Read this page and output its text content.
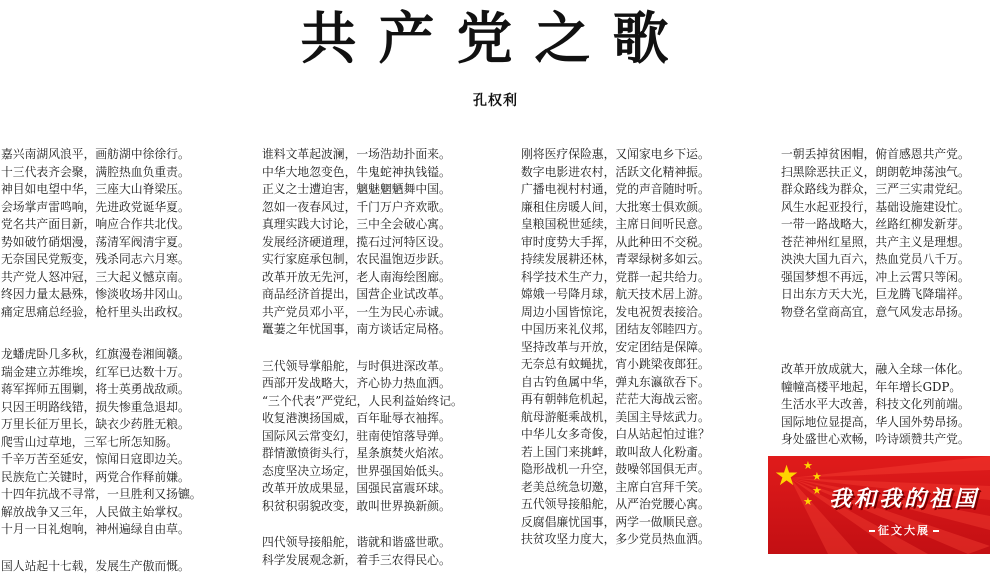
共产党之歌
孔权利
嘉兴南湖风浪平，画舫湖中徐徐行。
十三代表齐会聚，满腔热血负重责。
神目如电望中华，三座大山脊梁压。
会场掌声雷鸣响，先进政党诞华夏。
党名共产面目新，响应合作共北伐。
势如破竹硝烟漫，荡清军阀清宇夏。
无奈国民党叛变，残杀同志六月寒。
共产党人怒冲冠，三大起义憾京南。
终因力量太悬殊，惨淡收场井冈山。
痛定思痛总经验，枪杆里头出政权。
龙蟠虎卧几多秋，红旗漫卷湘闽赣。
瑞金建立苏维埃，红军已达数十万。
蒋军挥师五围剿，将士英勇战敌顽。
只因王明路线错，损失惨重急退却。
万里长征万里长，缺衣少药胜无粮。
爬雪山过草地，三军七所怎知肠。
千辛万苦至延安，惊闻日寇即边关。
民族危亡关键时，两党合作释前嫌。
十四年抗战不寻常，一旦胜利又扬镳。
解放战争又三年，人民做主始掌权。
十月一日礼炮响，神州遍绿自由草。
国人站起十七载，发展生产傲而慨。
谁料文革起波澜，一场浩劫扑面来。
中华大地忽变色，牛鬼蛇神执钱镒。
正义之士遭迫害，魑魅魍魉舞中国。
忽如一夜春风过，千门万户齐欢歌。
真理实践大讨论，三中全会破心寓。
发展经济硬道理，揽石过河特区设。
实行家庭承包制，农民温饱迈步跃。
改革开放无先河，老人南海绘图廊。
商品经济首提出，国营企业试改革。
共产党员邓小平，一生为民心赤诚。
鼍萋之年忧国事，南方谈话定局格。
三代领导掌船舵，与时俱进深改革。
西部开发战略大，齐心协力热血洒。
“三个代表”严党纪，人民利益始终记。
收复港澳扬国威，百年耻辱衣袖挥。
国际风云常变幻，驻南使馆落导弹。
群情激愤街头行，星条旗焚火焰浓。
态度坚决立场定，世界强国始低头。
改革开放成果显，国强民富震环球。
积贫积弱貌改变，敢叫世界换新颜。
四代领导接船舵，谐就和谐盛世歌。
科学发展观念新，着手三农得民心。
刚将医疗保险惠，又闻家电乡下运。
数字电影进农村，活跃文化精神振。
广播电视村村通，党的声音随时听。
廉租住房暖人间，大批寒士俱欢颜。
皇粮国税世延续，主席日间听民意。
审时度势大手挥，从此种田不交税。
持续发展耕还林，青翠绿树多如云。
科学技术生产力，党群一起共给力。
嫦娥一号降月球，航天技术居上游。
周边小国皆惊诧，发电祝贺表接洽。
中国历来礼仪邦，团结友邻睦四方。
坚持改革与开放，安定团结是保障。
无奈总有蚊蝇扰，宵小跳梁夜郎狂。
自古钓鱼属中华，弹丸东瀛欲吞下。
再有朝韩危机起，茫茫大海战云密。
航母游艇乘战机，美国主导炫武力。
中华儿女多奇俊，白从站起怕过谁？
若上国门来挑衅，敢叫敌人化粉齑。
隐形战机一升空，鼓噪邻国俱无声。
老美总统急切邀，主席白宫拜千笑。
五代领导接船舵，从严治党腰心寓。
反腐倡廉忧国事，两学一做顺民意。
扶贫攻坚力度大，多少党员热血洒。
一朝丢掉贫困帽，俯首感恩共产党。
扫黑除恶扶正义，朗朗乾坤荡浊气。
群众路线为群众，三严三实肃党纪。
风生水起亚投行，基础设施建设忙。
一带一路战略大，丝路红柳发新芽。
苍茫神州红星照，共产主义是理想。
泱泱大国九百六，热血党员八千万。
强国梦想不再远，冲上云霄只等闲。
日出东方天大光，巨龙腾飞降瑞祥。
物登名堂商高宜，意气风发志昂扬。
改革开放成就大，融入全球一体化。
幢幢高楼平地起，年年增长GDP。
生活水平大改善，科技文化列前端。
国际地位显提高，华人国外势昂扬。
身处盛世心欢畅，吟诗颂赞共产党。
★ ★
★
★
★ 我和我的祖国
征文大展
